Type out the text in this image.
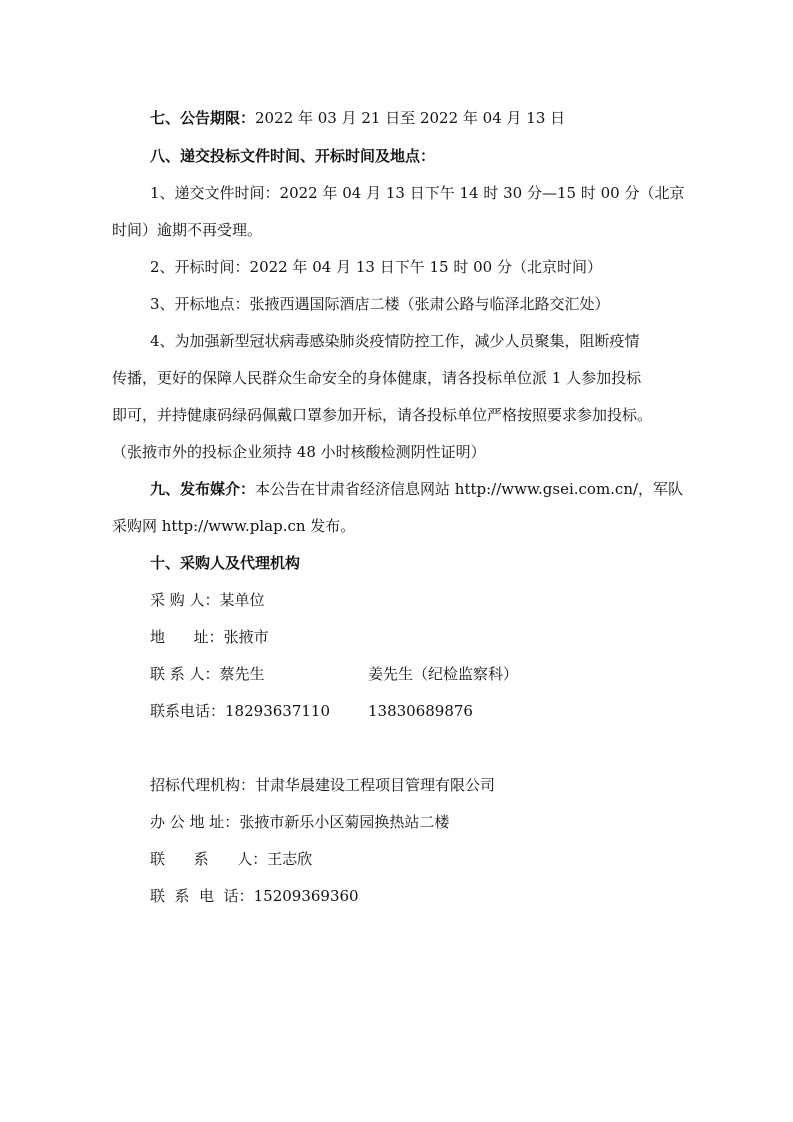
七、公告期限：2022 年 03 月 21 日至 2022 年 04 月 13 日
八、递交投标文件时间、开标时间及地点：
1、递交文件时间：2022 年 04 月 13 日下午 14 时 30 分—15 时 00 分（北京
时间）逾期不再受理。
2、开标时间：2022 年 04 月 13 日下午 15 时 00 分（北京时间）
3、开标地点：张掖西遇国际酒店二楼（张肃公路与临泽北路交汇处）
4、为加强新型冠状病毒感染肺炎疫情防控工作，减少人员聚集，阻断疫情
传播，更好的保障人民群众生命安全的身体健康，请各投标单位派 1 人参加投标
即可，并持健康码绿码佩戴口罩参加开标，请各投标单位严格按照要求参加投标。
（张掖市外的投标企业须持 48 小时核酸检测阴性证明）
九、发布媒介：本公告在甘肃省经济信息网站 http://www.gsei.com.cn/，军队
采购网 http://www.plap.cn 发布。
十、采购人及代理机构
采 购 人：某单位
地      址：张掖市
联 系 人：蔡先生	姜先生（纪检监察科）
联系电话：18293637110	13830689876
招标代理机构：甘肃华晨建设工程项目管理有限公司
办 公 地 址：张掖市新乐小区菊园换热站二楼
联      系      人：王志欣
联  系  电  话：15209369360
